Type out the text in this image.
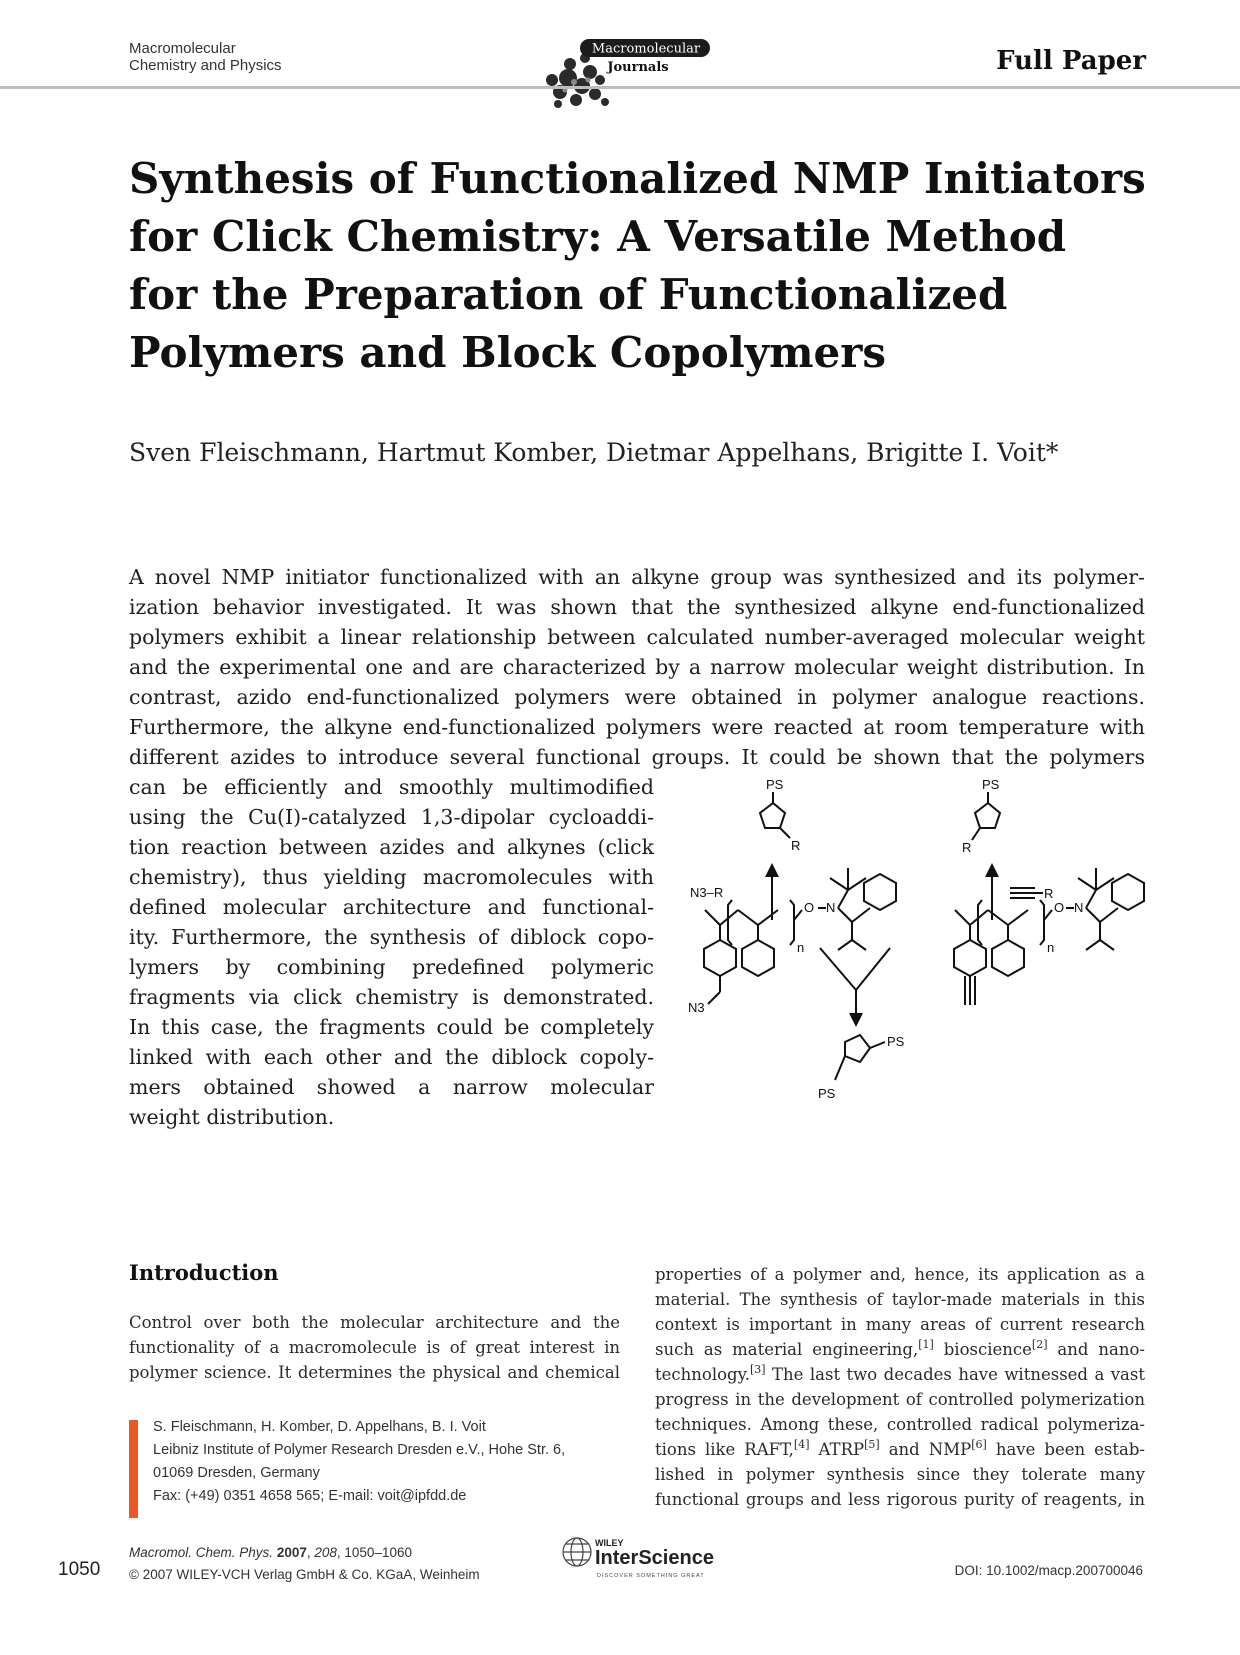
Macromolecular
Chemistry and Physics
Macromolecular
Journals	Full Paper
Synthesis of Functionalized NMP Initiators
for Click Chemistry: A Versatile Method
for the Preparation of Functionalized
Polymers and Block Copolymers
Sven Fleischmann, Hartmut Komber, Dietmar Appelhans, Brigitte I. Voit*
A novel NMP initiator functionalized with an alkyne group was synthesized and its polymer-
ization behavior investigated. It was shown that the synthesized alkyne end-functionalized
polymers exhibit a linear relationship between calculated number-averaged molecular weight
and the experimental one and are characterized by a narrow molecular weight distribution. In
contrast, azido end-functionalized polymers were obtained in polymer analogue reactions.
Furthermore, the alkyne end-functionalized polymers were reacted at room temperature with
different azides to introduce several functional groups. It could be shown that the polymers
can be efficiently and smoothly multimodified
using the Cu(I)-catalyzed 1,3-dipolar cycloaddi-
tion reaction between azides and alkynes (click
chemistry), thus yielding macromolecules with
defined molecular architecture and functional-
ity. Furthermore, the synthesis of diblock copo-
lymers by combining predefined polymeric
fragments via click chemistry is demonstrated.
In this case, the fragments could be completely
linked with each other and the diblock copoly-
mers obtained showed a narrow molecular
weight distribution.
PS	PS
R	R
N3–R	R
O N	O N
n	n
N3
PS
PS
Introduction
Control over both the molecular architecture and the
functionality of a macromolecule is of great interest in
polymer science. It determines the physical and chemical
properties of a polymer and, hence, its application as a
material. The synthesis of taylor-made materials in this
context is important in many areas of current research
such as material engineering,[1] bioscience[2] and nano-
technology.[3] The last two decades have witnessed a vast
progress in the development of controlled polymerization
techniques. Among these, controlled radical polymeriza-
tions like RAFT,[4] ATRP[5] and NMP[6] have been estab-
lished in polymer synthesis since they tolerate many
functional groups and less rigorous purity of reagents, in
S. Fleischmann, H. Komber, D. Appelhans, B. I. Voit
Leibniz Institute of Polymer Research Dresden e.V., Hohe Str. 6,
01069 Dresden, Germany
Fax: (+49) 0351 4658 565; E-mail: voit@ipfdd.de
1050
Macromol. Chem. Phys. 2007, 208, 1050–1060
© 2007 WILEY-VCH Verlag GmbH & Co. KGaA, Weinheim
WILEY
InterScience
DISCOVER SOMETHING GREAT	DOI: 10.1002/macp.200700046
